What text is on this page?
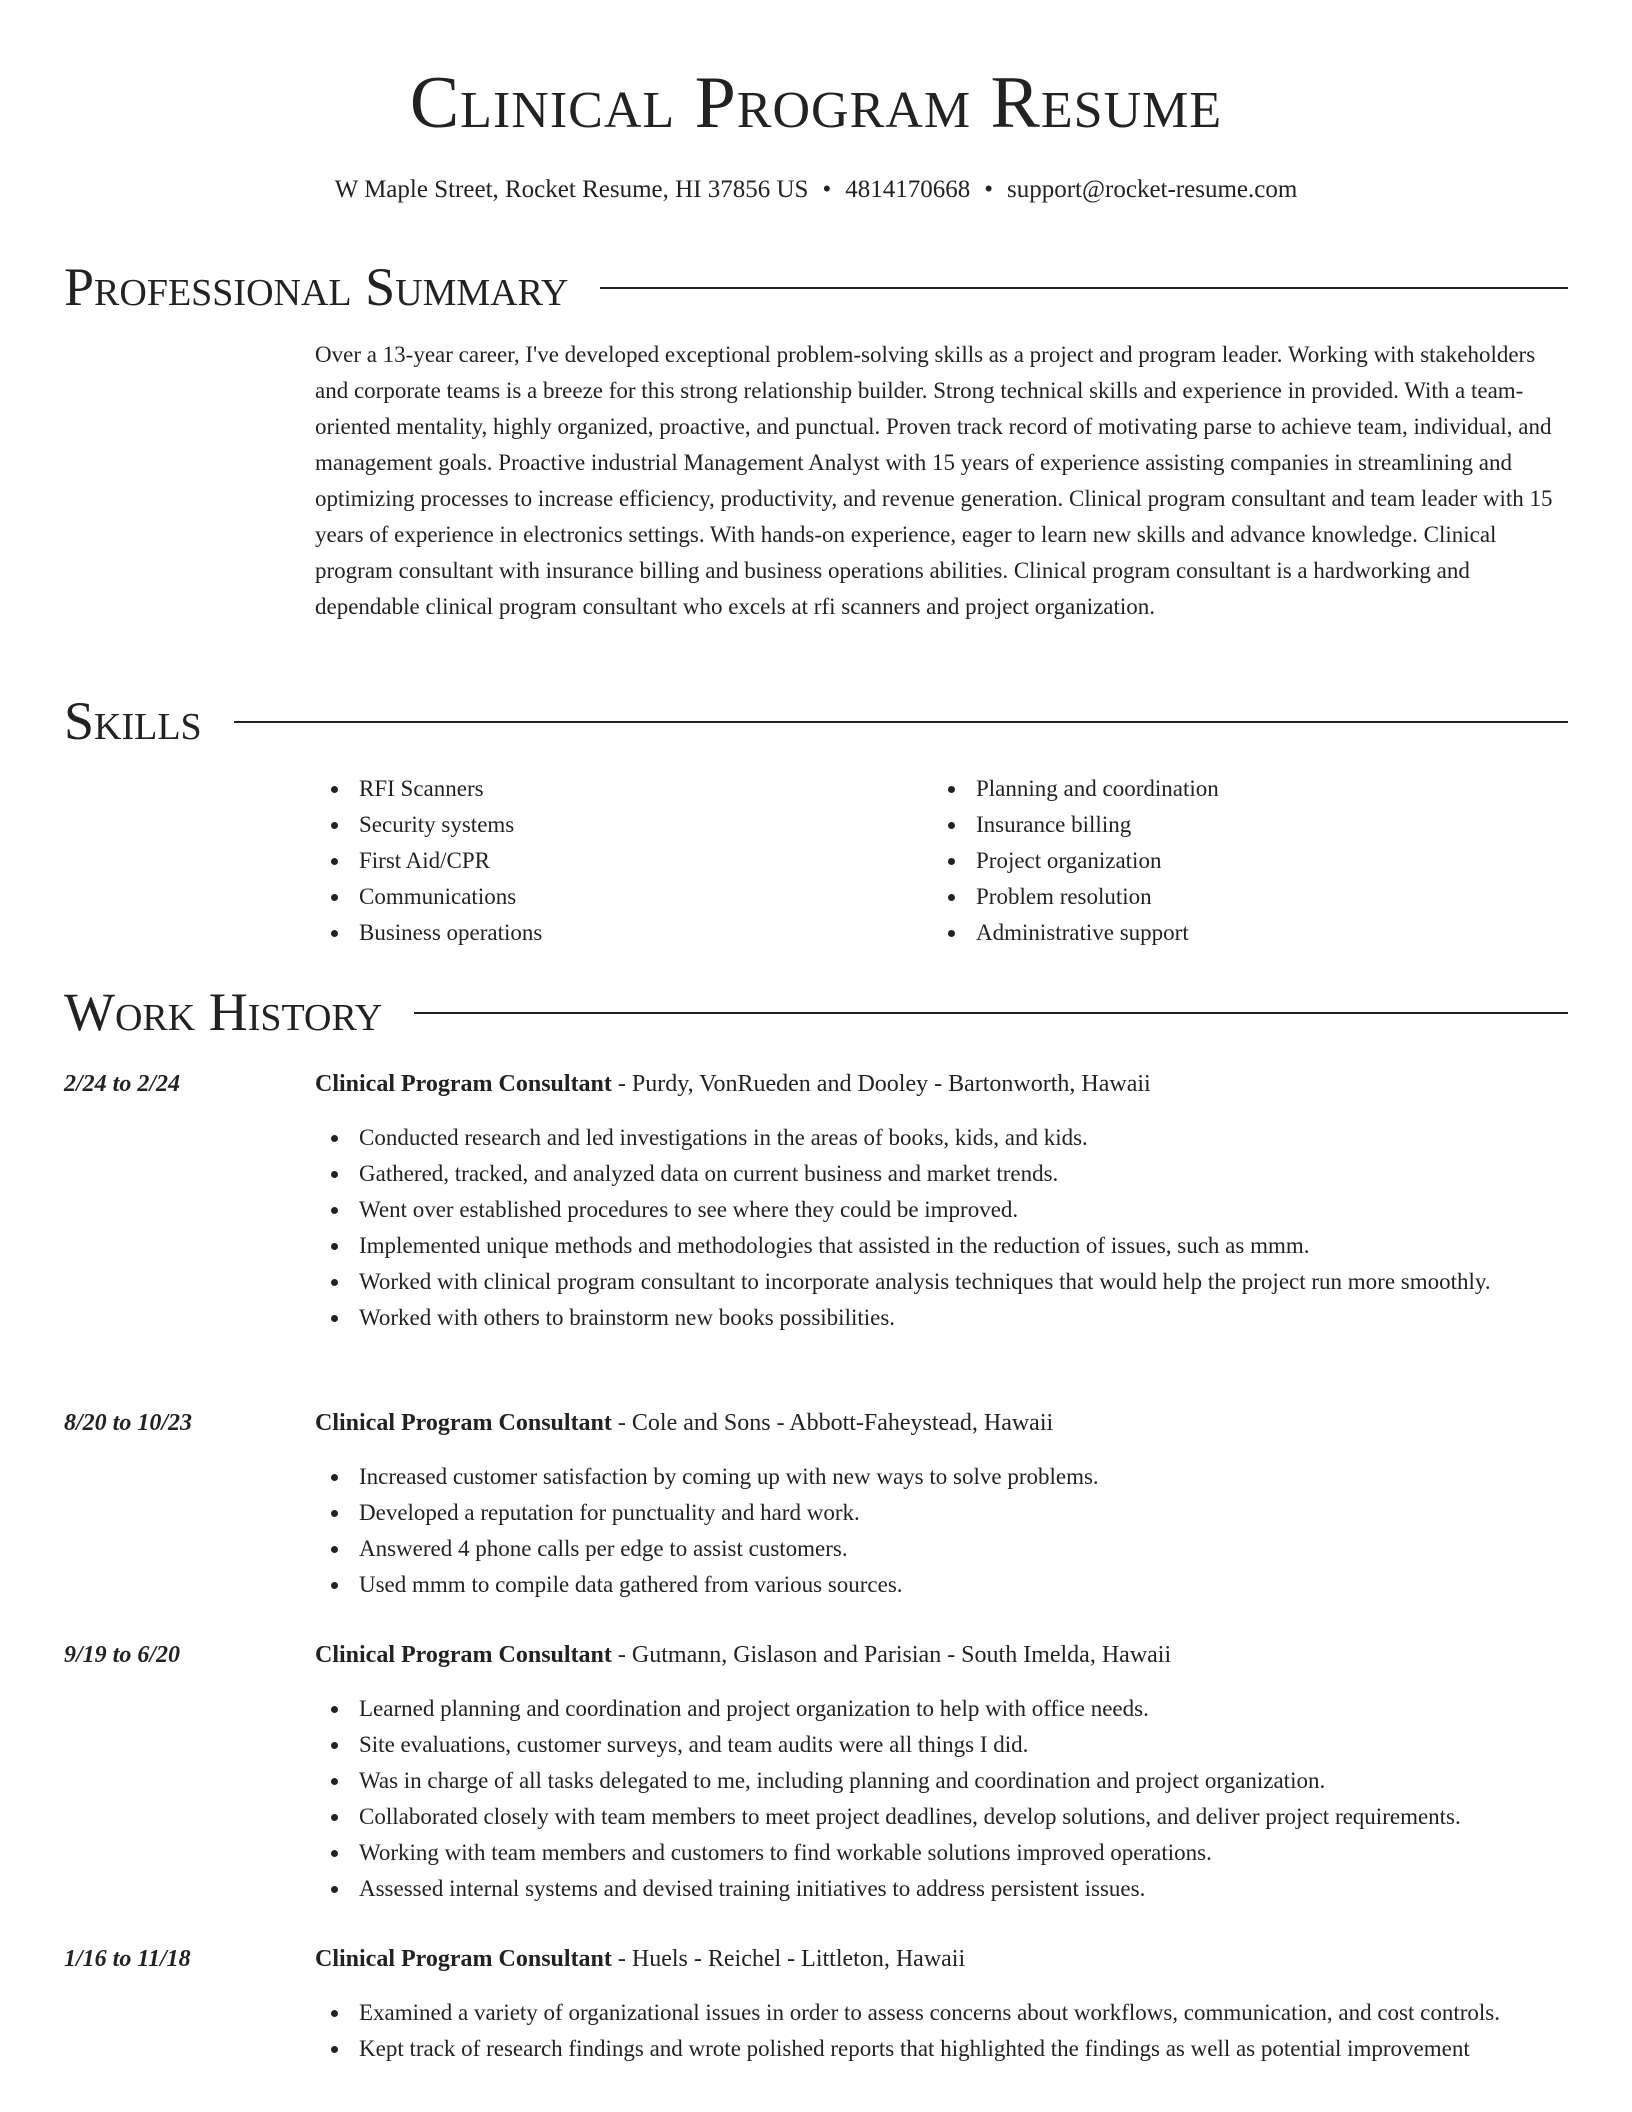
Clinical Program Resume
W Maple Street, Rocket Resume, HI 37856 US • 4814170668 • support@rocket-resume.com
Professional Summary

Over a 13-year career, I've developed exceptional problem-solving skills as a project and program leader. Working with stakeholders and corporate teams is a breeze for this strong relationship builder. Strong technical skills and experience in provided. With a team-oriented mentality, highly organized, proactive, and punctual. Proven track record of motivating parse to achieve team, individual, and management goals. Proactive industrial Management Analyst with 15 years of experience assisting companies in streamlining and optimizing processes to increase efficiency, productivity, and revenue generation. Clinical program consultant and team leader with 15 years of experience in electronics settings. With hands-on experience, eager to learn new skills and advance knowledge. Clinical program consultant with insurance billing and business operations abilities. Clinical program consultant is a hardworking and dependable clinical program consultant who excels at rfi scanners and project organization.

Skills
RFI Scanners
Security systems
First Aid/CPR
Communications
Business operations
Planning and coordination
Insurance billing
Project organization
Problem resolution
Administrative support
Work History
2/24 to 2/24	Clinical Program Consultant - Purdy, VonRueden and Dooley - Bartonworth, Hawaii
Conducted research and led investigations in the areas of books, kids, and kids.
Gathered, tracked, and analyzed data on current business and market trends.
Went over established procedures to see where they could be improved.
Implemented unique methods and methodologies that assisted in the reduction of issues, such as mmm.
Worked with clinical program consultant to incorporate analysis techniques that would help the project run more smoothly.
Worked with others to brainstorm new books possibilities.
8/20 to 10/23	Clinical Program Consultant - Cole and Sons - Abbott-Faheystead, Hawaii
Increased customer satisfaction by coming up with new ways to solve problems.
Developed a reputation for punctuality and hard work.
Answered 4 phone calls per edge to assist customers.
Used mmm to compile data gathered from various sources.
9/19 to 6/20	Clinical Program Consultant - Gutmann, Gislason and Parisian - South Imelda, Hawaii
Learned planning and coordination and project organization to help with office needs.
Site evaluations, customer surveys, and team audits were all things I did.
Was in charge of all tasks delegated to me, including planning and coordination and project organization.
Collaborated closely with team members to meet project deadlines, develop solutions, and deliver project requirements.
Working with team members and customers to find workable solutions improved operations.
Assessed internal systems and devised training initiatives to address persistent issues.
1/16 to 11/18	Clinical Program Consultant - Huels - Reichel - Littleton, Hawaii
Examined a variety of organizational issues in order to assess concerns about workflows, communication, and cost controls.
Kept track of research findings and wrote polished reports that highlighted the findings as well as potential improvement
